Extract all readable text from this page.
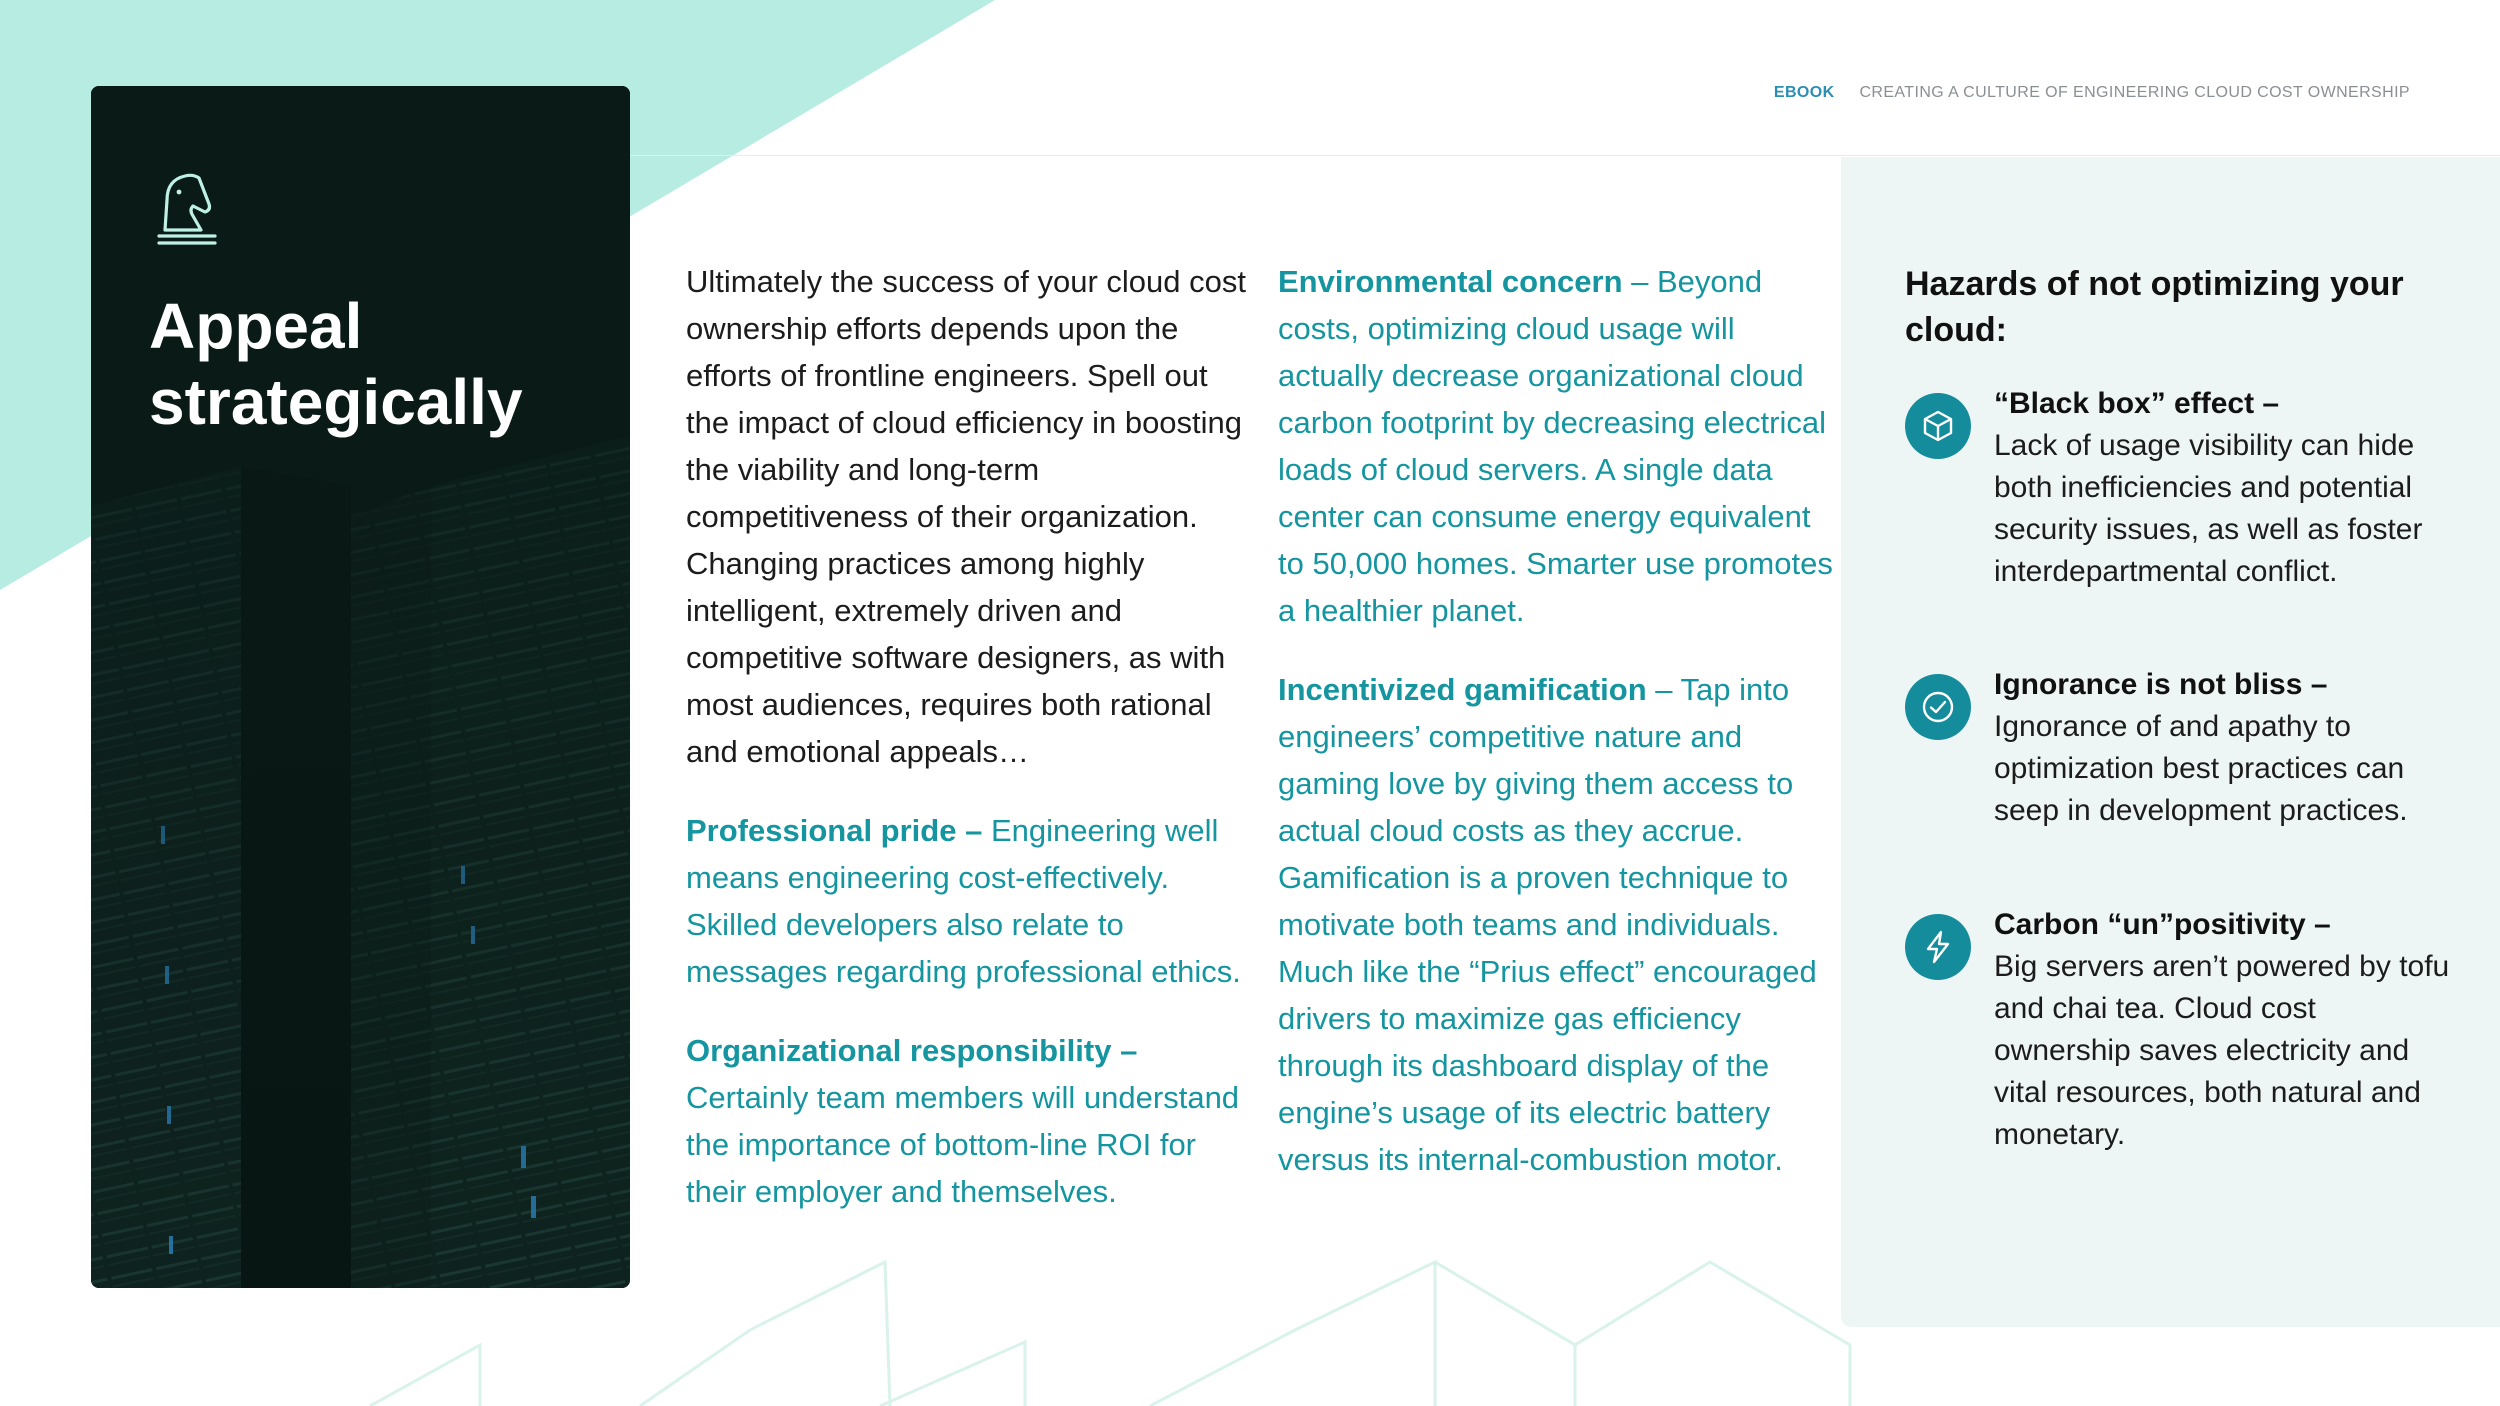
EBOOK CREATING A CULTURE OF ENGINEERING CLOUD COST OWNERSHIP
Appeal strategically

Ultimately the success of your cloud cost ownership efforts depends upon the efforts of frontline engineers. Spell out the impact of cloud efficiency in boosting the viability and long-term competitiveness of their organization. Changing practices among highly intelligent, extremely driven and competitive software designers, as with most audiences, requires both rational and emotional appeals…

Professional pride – Engineering well means engineering cost-effectively. Skilled developers also relate to messages regarding professional ethics.

Organizational responsibility –
Certainly team members will understand the importance of bottom-line ROI for their employer and themselves.

Environmental concern – Beyond costs, optimizing cloud usage will actually decrease organizational cloud carbon footprint by decreasing electrical loads of cloud servers. A single data center can consume energy equivalent to 50,000 homes. Smarter use promotes a healthier planet.

Incentivized gamification – Tap into engineers’ competitive nature and gaming love by giving them access to actual cloud costs as they accrue. Gamification is a proven technique to motivate both teams and individuals. Much like the “Prius effect” encouraged drivers to maximize gas efficiency through its dashboard display of the engine’s usage of its electric battery versus its internal-combustion motor.

Hazards of not optimizing your cloud:
“Black box” effect –
Lack of usage visibility can hide both inefficiencies and potential security issues, as well as foster interdepartmental conflict.
Ignorance is not bliss –
Ignorance of and apathy to optimization best practices can seep in development practices.
Carbon “un”positivity –
Big servers aren’t powered by tofu and chai tea. Cloud cost ownership saves electricity and vital resources, both natural and monetary.
